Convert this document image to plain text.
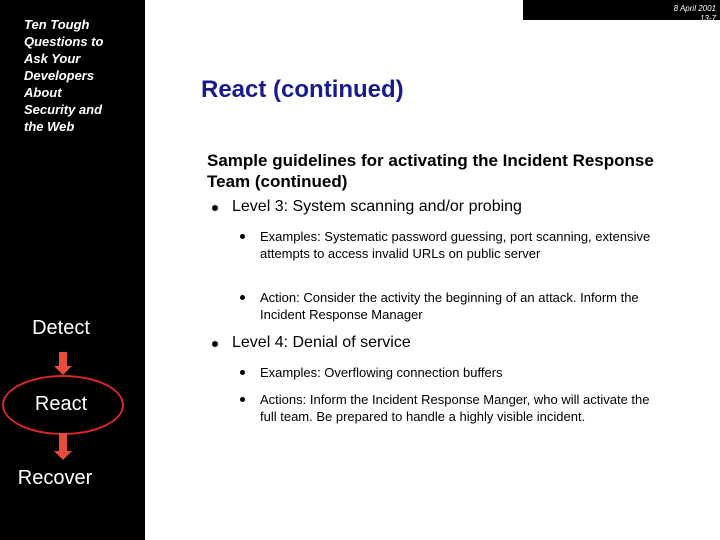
Ten Tough
Questions to
Ask Your
Developers
About
Security and
the Web
8 April 2001
13-7
React (continued)
Sample guidelines for activating the Incident Response Team (continued)
Level 3: System scanning and/or probing
Examples: Systematic password guessing, port scanning, extensive attempts to access invalid URLs on public server
Action: Consider the activity the beginning of an attack. Inform the Incident Response Manager
Level 4: Denial of service
Examples: Overflowing connection buffers
Actions: Inform the Incident Response Manger, who will activate the full team. Be prepared to handle a highly visible incident.
Detect
React
Recover
